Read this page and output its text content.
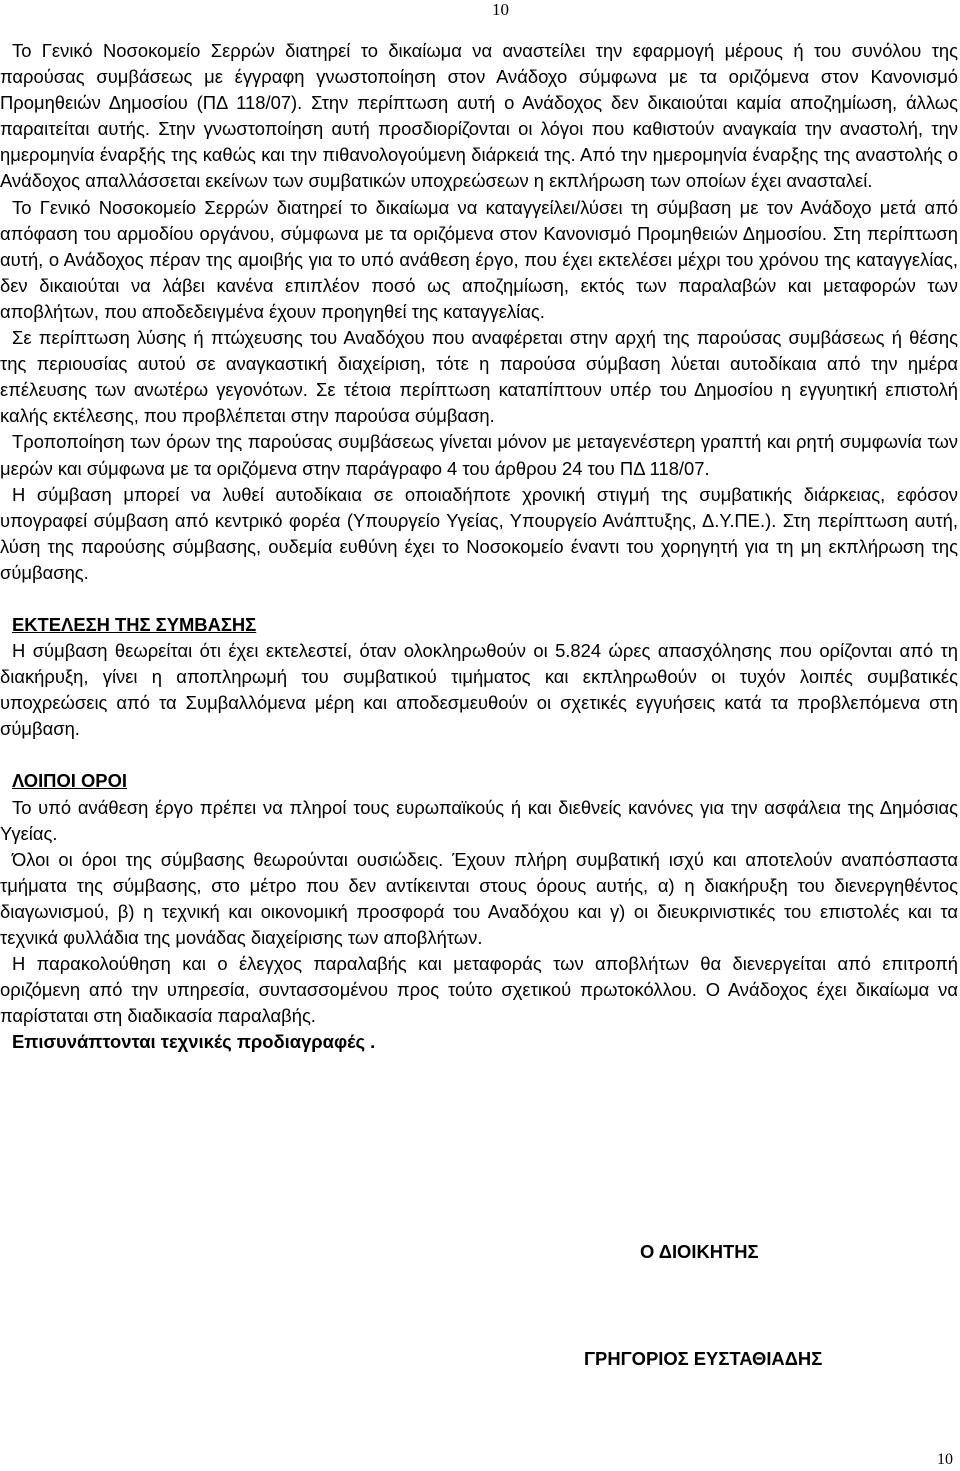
10

Το Γενικό Νοσοκομείο Σερρών διατηρεί το δικαίωμα να αναστείλει την εφαρμογή μέρους ή του συνόλου της παρούσας συμβάσεως με έγγραφη γνωστοποίηση στον Ανάδοχο σύμφωνα με τα οριζόμενα στον Κανονισμό Προμηθειών Δημοσίου (ΠΔ 118/07). Στην περίπτωση αυτή ο Ανάδοχος δεν δικαιούται καμία αποζημίωση, άλλως παραιτείται αυτής. Στην γνωστοποίηση αυτή προσδιορίζονται οι λόγοι που καθιστούν αναγκαία την αναστολή, την ημερομηνία έναρξής της καθώς και την πιθανολογούμενη διάρκειά της. Από την ημερομηνία έναρξης της αναστολής ο Ανάδοχος απαλλάσσεται εκείνων των συμβατικών υποχρεώσεων η εκπλήρωση των οποίων έχει ανασταλεί.

Το Γενικό Νοσοκομείο Σερρών διατηρεί το δικαίωμα να καταγγείλει/λύσει τη σύμβαση με τον Ανάδοχο μετά από απόφαση του αρμοδίου οργάνου, σύμφωνα με τα οριζόμενα στον Κανονισμό Προμηθειών Δημοσίου. Στη περίπτωση αυτή, ο Ανάδοχος πέραν της αμοιβής για το υπό ανάθεση έργο, που έχει εκτελέσει μέχρι του χρόνου της καταγγελίας, δεν δικαιούται να λάβει κανένα επιπλέον ποσό ως αποζημίωση, εκτός των παραλαβών και μεταφορών των αποβλήτων, που αποδεδειγμένα έχουν προηγηθεί της καταγγελίας.

Σε περίπτωση λύσης ή πτώχευσης του Αναδόχου που αναφέρεται στην αρχή της παρούσας συμβάσεως ή θέσης της περιουσίας αυτού σε αναγκαστική διαχείριση, τότε η παρούσα σύμβαση λύεται αυτοδίκαια από την ημέρα επέλευσης των ανωτέρω γεγονότων. Σε τέτοια περίπτωση καταπίπτουν υπέρ του Δημοσίου η εγγυητική επιστολή καλής εκτέλεσης, που προβλέπεται στην παρούσα σύμβαση.

Τροποποίηση των όρων της παρούσας συμβάσεως γίνεται μόνον με μεταγενέστερη γραπτή και ρητή συμφωνία των μερών και σύμφωνα με τα οριζόμενα στην παράγραφο 4 του άρθρου 24 του ΠΔ 118/07.

Η σύμβαση μπορεί να λυθεί αυτοδίκαια σε οποιαδήποτε χρονική στιγμή της συμβατικής διάρκειας, εφόσον υπογραφεί σύμβαση από κεντρικό φορέα (Υπουργείο Υγείας, Υπουργείο Ανάπτυξης, Δ.Υ.ΠΕ.). Στη περίπτωση αυτή, λύση της παρούσης σύμβασης, ουδεμία ευθύνη έχει το Νοσοκομείο έναντι του χορηγητή για τη μη εκπλήρωση της σύμβασης.

ΕΚΤΕΛΕΣΗ ΤΗΣ ΣΥΜΒΑΣΗΣ

Η σύμβαση θεωρείται ότι έχει εκτελεστεί, όταν ολοκληρωθούν οι 5.824 ώρες απασχόλησης που ορίζονται από τη διακήρυξη, γίνει η αποπληρωμή του συμβατικού τιμήματος και εκπληρωθούν οι τυχόν λοιπές συμβατικές υποχρεώσεις από τα Συμβαλλόμενα μέρη και αποδεσμευθούν οι σχετικές εγγυήσεις κατά τα προβλεπόμενα στη σύμβαση.

ΛΟΙΠΟΙ ΟΡΟΙ

Το υπό ανάθεση έργο πρέπει να πληροί τους ευρωπαϊκούς ή και διεθνείς κανόνες για την ασφάλεια της Δημόσιας Υγείας.

Όλοι οι όροι της σύμβασης θεωρούνται ουσιώδεις. Έχουν πλήρη συμβατική ισχύ και αποτελούν αναπόσπαστα τμήματα της σύμβασης, στο μέτρο που δεν αντίκεινται στους όρους αυτής, α) η διακήρυξη του διενεργηθέντος διαγωνισμού, β) η τεχνική και οικονομική προσφορά του Αναδόχου και γ) οι διευκρινιστικές του επιστολές και τα τεχνικά φυλλάδια της μονάδας διαχείρισης των αποβλήτων.

Η παρακολούθηση και ο έλεγχος παραλαβής και μεταφοράς των αποβλήτων θα διενεργείται από επιτροπή οριζόμενη από την υπηρεσία, συντασσομένου προς τούτο σχετικού πρωτοκόλλου. Ο Ανάδοχος έχει δικαίωμα να παρίσταται στη διαδικασία παραλαβής.

Επισυνάπτονται τεχνικές προδιαγραφές .

Ο ΔΙΟΙΚΗΤΗΣ
ΓΡΗΓΟΡΙΟΣ ΕΥΣΤΑΘΙΑΔΗΣ
10
